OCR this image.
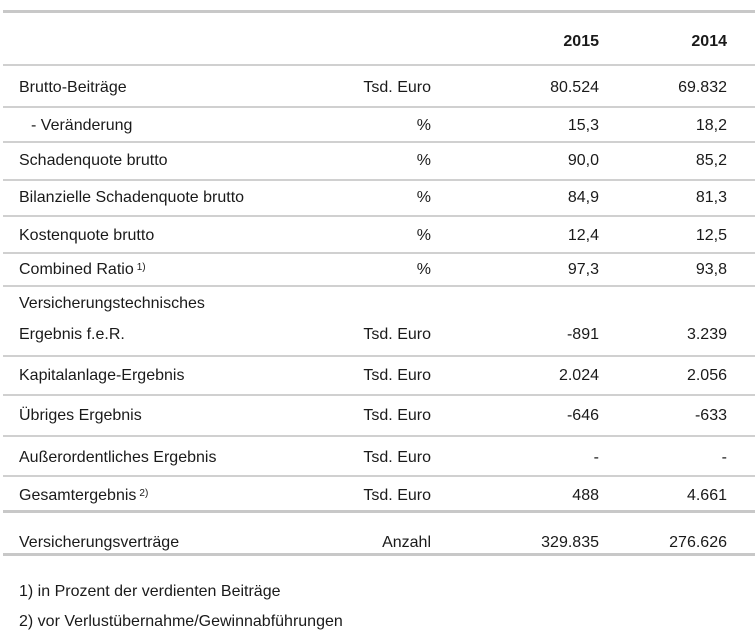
2015	2014
Brutto-Beiträge	Tsd. Euro	80.524	69.832
- Veränderung	%	15,3	18,2
Schadenquote brutto	%	90,0	85,2
Bilanzielle Schadenquote brutto	%	84,9	81,3
Kostenquote brutto	%	12,4	12,5
Combined Ratio $^{1)}$	%	97,3	93,8
Versicherungstechnisches
Ergebnis f.e.R.	Tsd. Euro	-891	3.239
Kapitalanlage-Ergebnis	Tsd. Euro	2.024	2.056
Übriges Ergebnis	Tsd. Euro	-646	-633
Außerordentliches Ergebnis	Tsd. Euro	-	-
Gesamtergebnis $^{2)}$	Tsd. Euro	488	4.661
Versicherungsverträge	Anzahl	329.835	276.626
1) in Prozent der verdienten Beiträge
2) vor Verlustübernahme/Gewinnabführungen
